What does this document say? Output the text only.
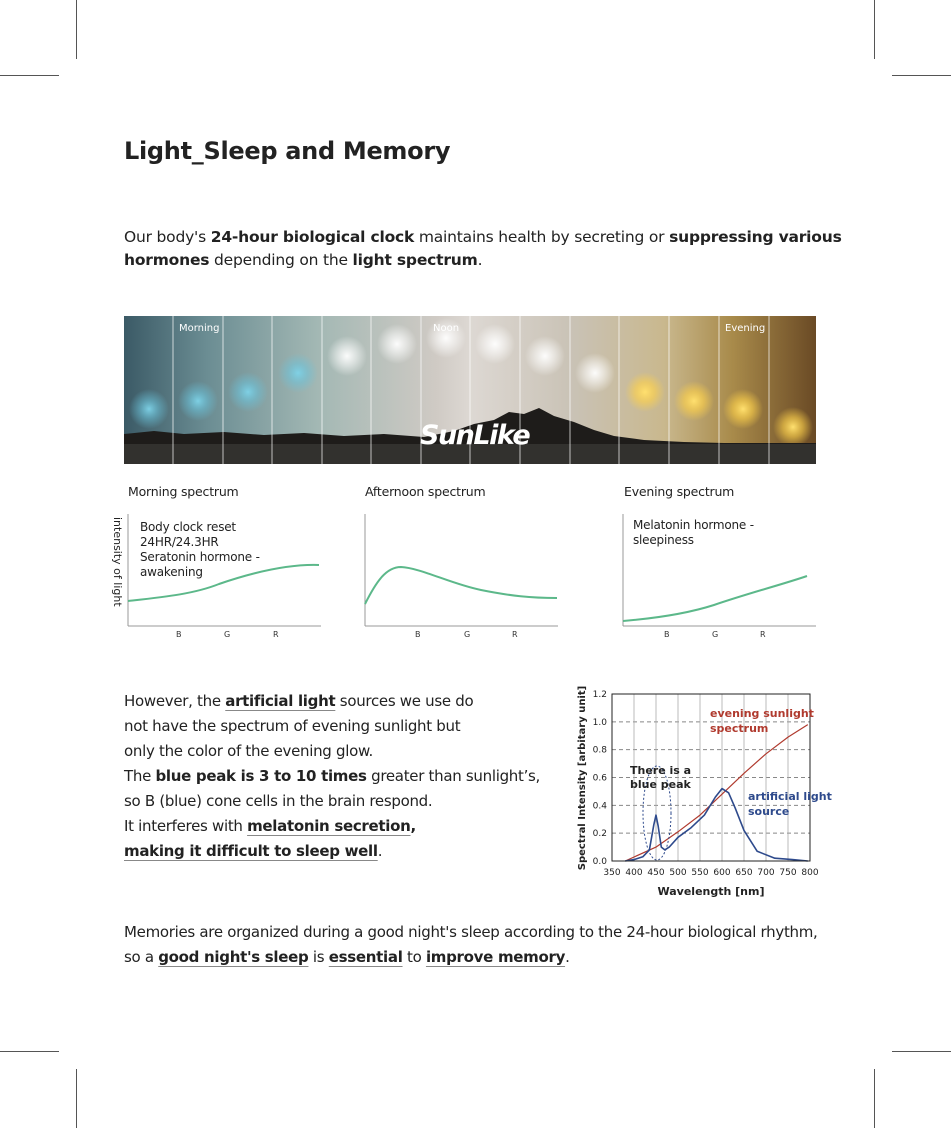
Light_Sleep and Memory

Our body's 24-hour biological clock maintains health by secreting or suppressing various hormones depending on the light spectrum.

Morning	Noon	Evening
SunLike
Morning spectrum	Afternoon spectrum	Evening spectrum
intensity of light
B	G	R
Body clock reset
24HR/24.3HR
Seratonin hormone -
awakening
B	G	R	B	G	R
Melatonin hormone -
sleepiness
However, the artificial light sources we use do
not have the spectrum of evening sunlight but
only the color of the evening glow.
The blue peak is 3 to 10 times greater than sunlight’s,
so B (blue) cone cells in the brain respond.
It interferes with melatonin secretion,
making it difficult to sleep well.
0.0
0.2
0.4
0.6
0.8
1.0
1.2
350 400 450 500 550 600 650 700 750 800
There is a
blue peak
evening sunlight
spectrum
artificial light
source
Wavelength [nm]
Spectral Intensity [arbitary unit]
Memories are organized during a good night's sleep according to the 24-hour biological rhythm,
so a good night's sleep is essential to improve memory.
